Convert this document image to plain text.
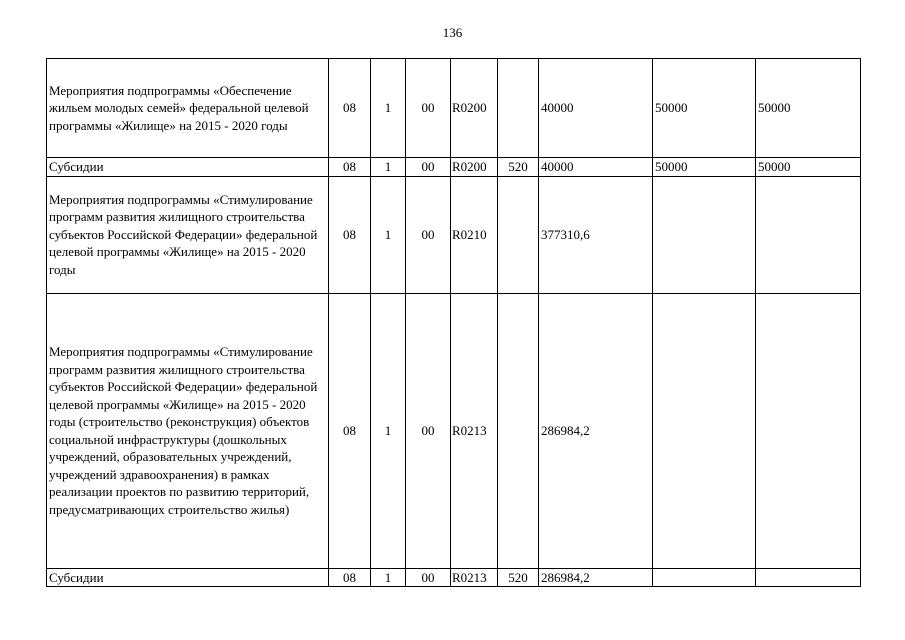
136
Мероприятия подпрограммы «Обеспечение жильем молодых семей» федеральной целевой программы «Жилище» на 2015 - 2020 годы	08	1	00	R0200		40000	50000	50000
Субсидии	08	1	00	R0200	520	40000	50000	50000
Мероприятия подпрограммы «Стимулирование программ развития жилищного строительства субъектов Российской Федерации» федеральной целевой программы «Жилище» на 2015 - 2020 годы	08	1	00	R0210		377310,6		
Мероприятия подпрограммы «Стимулирование программ развития жилищного строительства субъектов Российской Федерации» федеральной целевой программы «Жилище» на 2015 - 2020 годы (строительство (реконструкция) объектов социальной инфраструктуры (дошкольных учреждений, образовательных учреждений, учреждений здравоохранения) в рамках реализации проектов по развитию территорий, предусматривающих строительство жилья)	08	1	00	R0213		286984,2		
Субсидии	08	1	00	R0213	520	286984,2		
